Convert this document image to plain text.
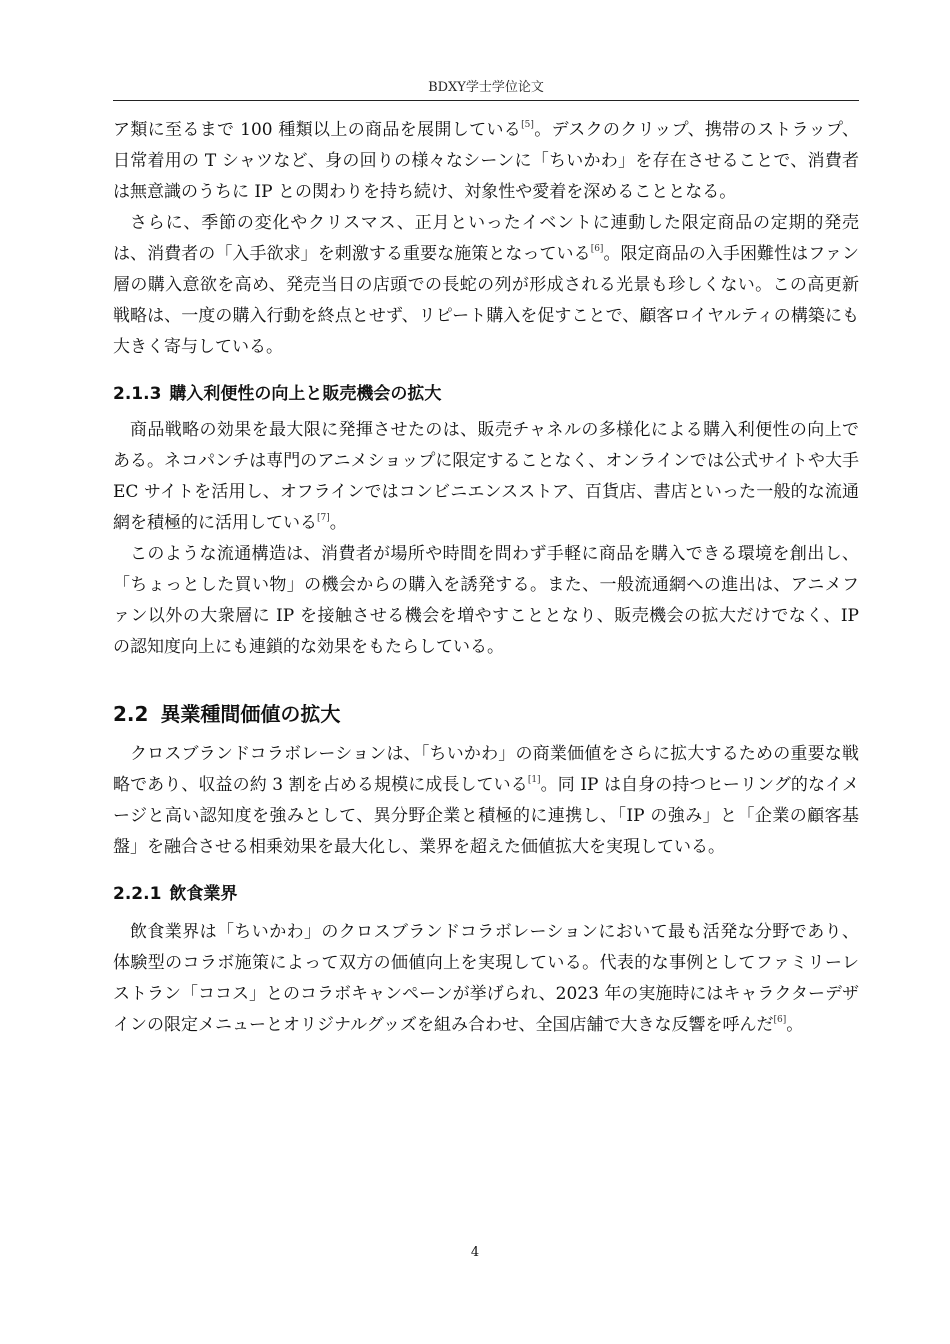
BDXY学士学位论文

ア類に至るまで 100 種類以上の商品を展開している[5]。デスクのクリップ、携帯のストラップ、日常着用の T シャツなど、身の回りの様々なシーンに「ちいかわ」を存在させることで、消費者は無意識のうちに IP との関わりを持ち続け、対象性や愛着を深めることとなる。

さらに、季節の変化やクリスマス、正月といったイベントに連動した限定商品の定期的発売は、消費者の「入手欲求」を刺激する重要な施策となっている[6]。限定商品の入手困難性はファン層の購入意欲を高め、発売当日の店頭での長蛇の列が形成される光景も珍しくない。この高更新戦略は、一度の購入行動を終点とせず、リピート購入を促すことで、顧客ロイヤルティの構築にも大きく寄与している。

2.1.3 購入利便性の向上と販売機会の拡大

商品戦略の効果を最大限に発揮させたのは、販売チャネルの多様化による購入利便性の向上である。ネコパンチは専門のアニメショップに限定することなく、オンラインでは公式サイトや大手 EC サイトを活用し、オフラインではコンビニエンスストア、百貨店、書店といった一般的な流通網を積極的に活用している[7]。

このような流通構造は、消費者が場所や時間を問わず手軽に商品を購入できる環境を創出し、「ちょっとした買い物」の機会からの購入を誘発する。また、一般流通網への進出は、アニメファン以外の大衆層に IP を接触させる機会を増やすこととなり、販売機会の拡大だけでなく、IP の認知度向上にも連鎖的な効果をもたらしている。

2.2 異業種間価値の拡大

クロスブランドコラボレーションは、「ちいかわ」の商業価値をさらに拡大するための重要な戦略であり、収益の約 3 割を占める規模に成長している[1]。同 IP は自身の持つヒーリング的なイメージと高い認知度を強みとして、異分野企業と積極的に連携し、「IP の強み」と「企業の顧客基盤」を融合させる相乗効果を最大化し、業界を超えた価値拡大を実現している。

2.2.1 飲食業界

飲食業界は「ちいかわ」のクロスブランドコラボレーションにおいて最も活発な分野であり、体験型のコラボ施策によって双方の価値向上を実現している。代表的な事例としてファミリーレストラン「ココス」とのコラボキャンペーンが挙げられ、2023 年の実施時にはキャラクターデザインの限定メニューとオリジナルグッズを組み合わせ、全国店舗で大きな反響を呼んだ[6]。

4
